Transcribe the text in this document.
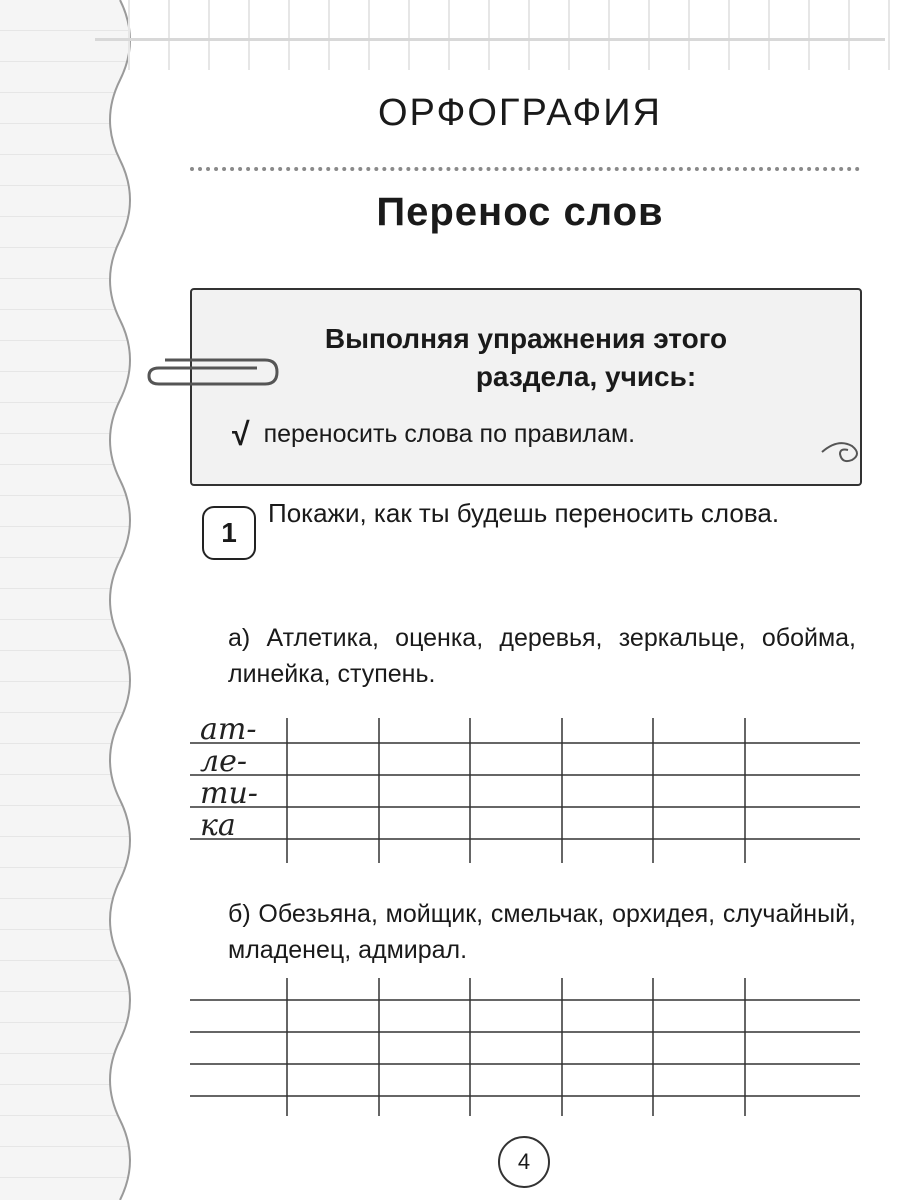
ОРФОГРАФИЯ
Перенос слов

Выполняя упражнения этого
раздела, учись:

√ переносить слова по правилам.
1

Покажи, как ты будешь переносить слова.

а) Атлетика, оценка, деревья, зеркальце, обойма, линейка, ступень.

ат-
ле-
ти-
ка

б) Обезьяна, мойщик, смельчак, орхидея, случайный, младенец, адмирал.

4
